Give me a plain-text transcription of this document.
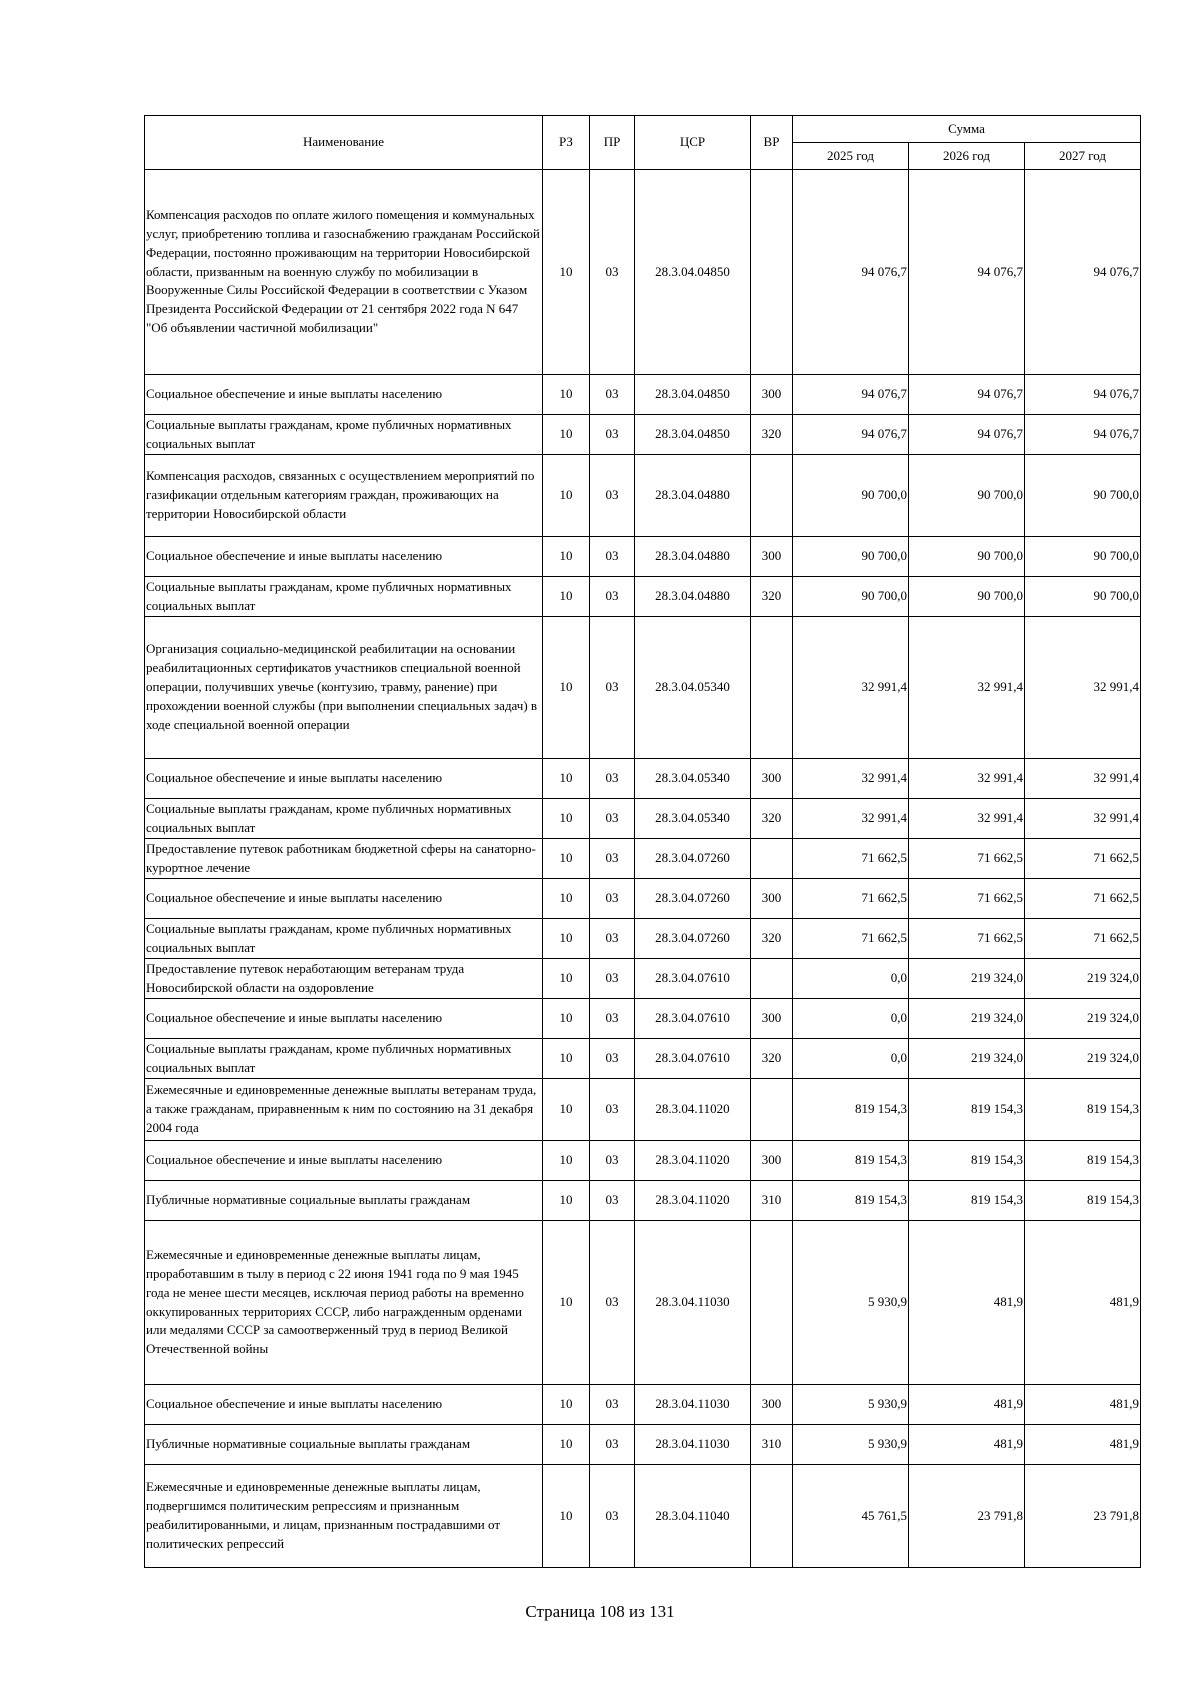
Наименование	РЗ	ПР	ЦСР	ВР	Сумма		
					2025 год	2026 год	2027 год
Компенсация расходов по оплате жилого помещения и коммунальных услуг, приобретению топлива и газоснабжению гражданам Российской Федерации, постоянно проживающим на территории Новосибирской области, призванным на военную службу по мобилизации в Вооруженные Силы Российской Федерации в соответствии с Указом Президента Российской Федерации от 21 сентября 2022 года N 647 "Об объявлении частичной мобилизации"	10	03	28.3.04.04850		94 076,7	94 076,7	94 076,7
Социальное обеспечение и иные выплаты населению	10	03	28.3.04.04850	300	94 076,7	94 076,7	94 076,7
Социальные выплаты гражданам, кроме публичных нормативных социальных выплат	10	03	28.3.04.04850	320	94 076,7	94 076,7	94 076,7
Компенсация расходов, связанных с осуществлением мероприятий по газификации отдельным категориям граждан, проживающих на территории Новосибирской области	10	03	28.3.04.04880		90 700,0	90 700,0	90 700,0
Социальное обеспечение и иные выплаты населению	10	03	28.3.04.04880	300	90 700,0	90 700,0	90 700,0
Социальные выплаты гражданам, кроме публичных нормативных социальных выплат	10	03	28.3.04.04880	320	90 700,0	90 700,0	90 700,0
Организация социально-медицинской реабилитации на основании реабилитационных сертификатов участников специальной военной операции, получивших увечье (контузию, травму, ранение) при прохождении военной службы (при выполнении специальных задач) в ходе специальной военной операции	10	03	28.3.04.05340		32 991,4	32 991,4	32 991,4
Социальное обеспечение и иные выплаты населению	10	03	28.3.04.05340	300	32 991,4	32 991,4	32 991,4
Социальные выплаты гражданам, кроме публичных нормативных социальных выплат	10	03	28.3.04.05340	320	32 991,4	32 991,4	32 991,4
Предоставление путевок работникам бюджетной сферы на санаторно-курортное лечение	10	03	28.3.04.07260		71 662,5	71 662,5	71 662,5
Социальное обеспечение и иные выплаты населению	10	03	28.3.04.07260	300	71 662,5	71 662,5	71 662,5
Социальные выплаты гражданам, кроме публичных нормативных социальных выплат	10	03	28.3.04.07260	320	71 662,5	71 662,5	71 662,5
Предоставление путевок неработающим ветеранам труда Новосибирской области на оздоровление	10	03	28.3.04.07610		0,0	219 324,0	219 324,0
Социальное обеспечение и иные выплаты населению	10	03	28.3.04.07610	300	0,0	219 324,0	219 324,0
Социальные выплаты гражданам, кроме публичных нормативных социальных выплат	10	03	28.3.04.07610	320	0,0	219 324,0	219 324,0
Ежемесячные и единовременные денежные выплаты ветеранам труда, а также гражданам, приравненным к ним по состоянию на 31 декабря 2004 года	10	03	28.3.04.11020		819 154,3	819 154,3	819 154,3
Социальное обеспечение и иные выплаты населению	10	03	28.3.04.11020	300	819 154,3	819 154,3	819 154,3
Публичные нормативные социальные выплаты гражданам	10	03	28.3.04.11020	310	819 154,3	819 154,3	819 154,3
Ежемесячные и единовременные денежные выплаты лицам, проработавшим в тылу в период с 22 июня 1941 года по 9 мая 1945 года не менее шести месяцев, исключая период работы на временно оккупированных территориях СССР, либо награжденным орденами или медалями СССР за самоотверженный труд в период Великой Отечественной войны	10	03	28.3.04.11030		5 930,9	481,9	481,9
Социальное обеспечение и иные выплаты населению	10	03	28.3.04.11030	300	5 930,9	481,9	481,9
Публичные нормативные социальные выплаты гражданам	10	03	28.3.04.11030	310	5 930,9	481,9	481,9
Ежемесячные и единовременные денежные выплаты лицам, подвергшимся политическим репрессиям и признанным реабилитированными, и лицам, признанным пострадавшими от политических репрессий	10	03	28.3.04.11040		45 761,5	23 791,8	23 791,8
Страница 108 из 131
